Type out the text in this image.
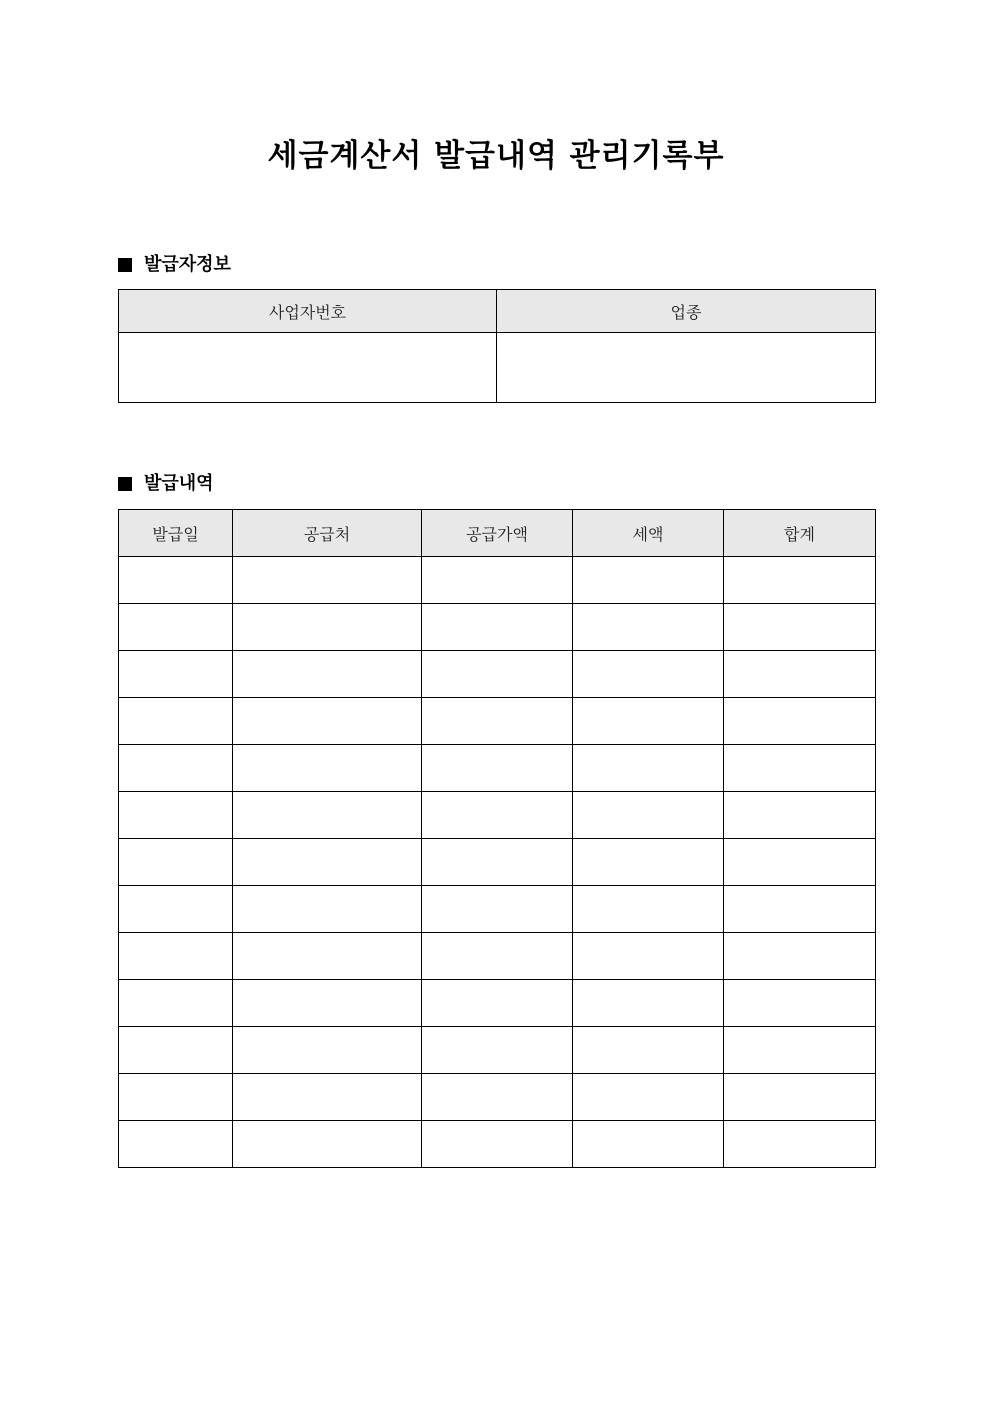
세금계산서 발급내역 관리기록부
발급자정보
사업자번호	업종

발급내역
발급일	공급처	공급가액	세액	합계
